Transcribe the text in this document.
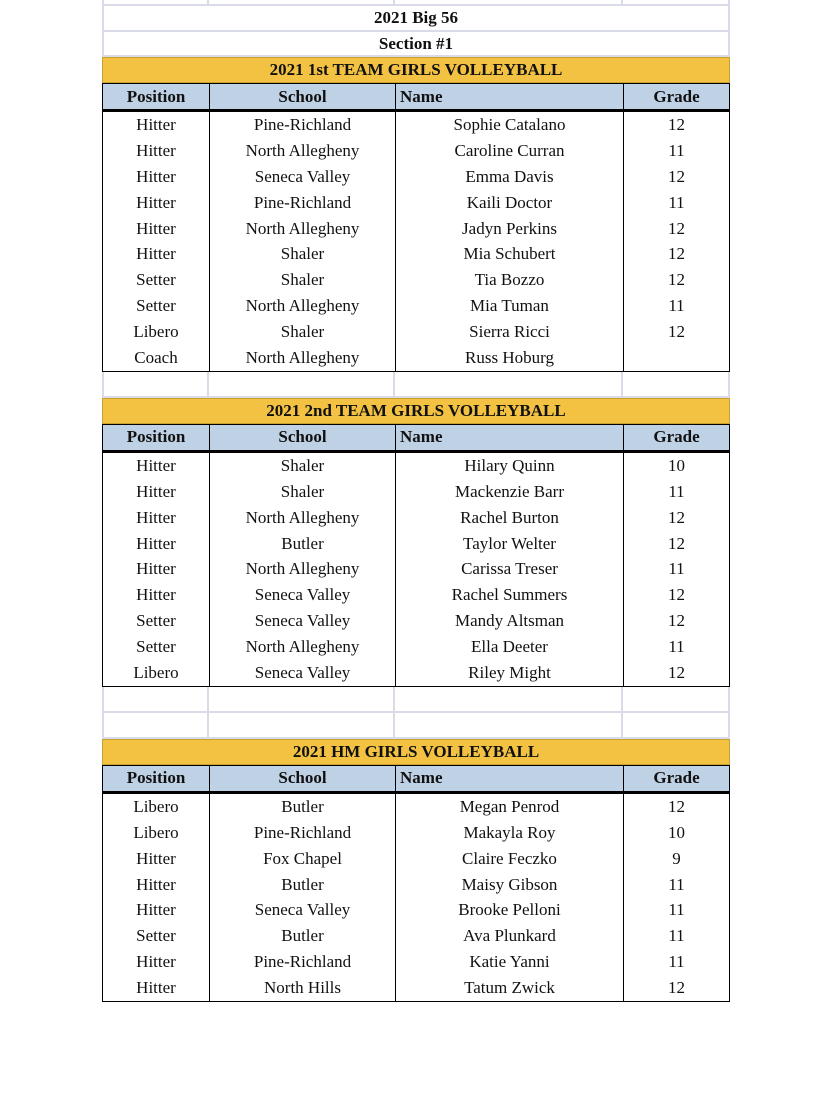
2021 Big 56
Section #1
2021 1st TEAM GIRLS VOLLEYBALL
Position	School	Name	Grade
Hitter	Pine-Richland	Sophie Catalano	12
Hitter	North Allegheny	Caroline Curran	11
Hitter	Seneca Valley	Emma Davis	12
Hitter	Pine-Richland	Kaili Doctor	11
Hitter	North Allegheny	Jadyn Perkins	12
Hitter	Shaler	Mia Schubert	12
Setter	Shaler	Tia Bozzo	12
Setter	North Allegheny	Mia Tuman	11
Libero	Shaler	Sierra Ricci	12
Coach	North Allegheny	Russ Hoburg
2021 2nd TEAM GIRLS VOLLEYBALL
Position	School	Name	Grade
Hitter	Shaler	Hilary Quinn	10
Hitter	Shaler	Mackenzie Barr	11
Hitter	North Allegheny	Rachel Burton	12
Hitter	Butler	Taylor Welter	12
Hitter	North Allegheny	Carissa Treser	11
Hitter	Seneca Valley	Rachel Summers	12
Setter	Seneca Valley	Mandy Altsman	12
Setter	North Allegheny	Ella Deeter	11
Libero	Seneca Valley	Riley Might	12
2021 HM GIRLS VOLLEYBALL
Position	School	Name	Grade
Libero	Butler	Megan Penrod	12
Libero	Pine-Richland	Makayla Roy	10
Hitter	Fox Chapel	Claire Feczko	9
Hitter	Butler	Maisy Gibson	11
Hitter	Seneca Valley	Brooke Pelloni	11
Setter	Butler	Ava Plunkard	11
Hitter	Pine-Richland	Katie Yanni	11
Hitter	North Hills	Tatum Zwick	12
